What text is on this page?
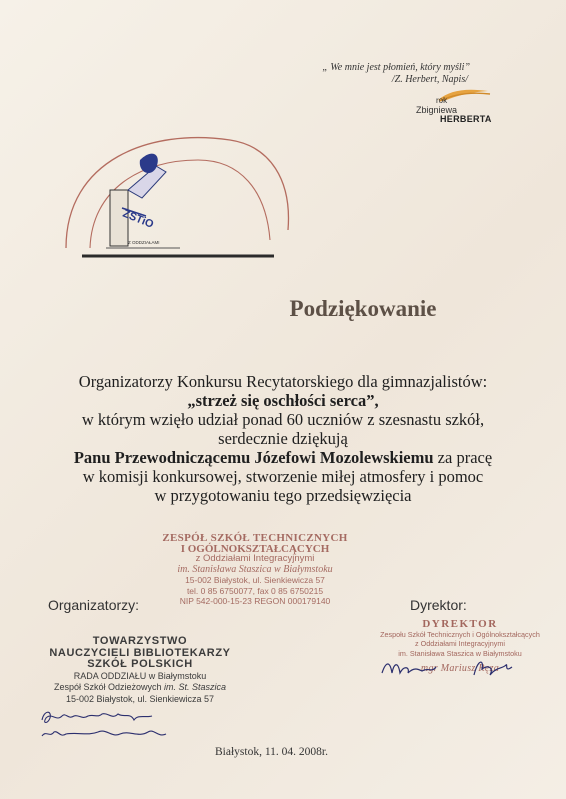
„ We mnie jest płomień, który myśli”
/Z. Herbert, Napis/
rok
Zbigniewa
HERBERTA
ZSTiO
Z ODDZIAŁAMI
Podziękowanie
Organizatorzy Konkursu Recytatorskiego dla gimnazjalistów:
„strzeż się oschłości serca”,
w którym wzięło udział ponad 60 uczniów z szesnastu szkół,
serdecznie dziękują
Panu Przewodniczącemu Józefowi Mozolewskiemu za pracę
w komisji konkursowej, stworzenie miłej atmosfery i pomoc
w przygotowaniu tego przedsięwzięcia
ZESPÓŁ SZKÓŁ TECHNICZNYCH
I OGÓLNOKSZTAŁCĄCYCH
z Oddziałami Integracyjnymi
im. Stanisława Staszica w Białymstoku
15-002 Białystok, ul. Sienkiewicza 57
tel. 0 85 6750077, fax 0 85 6750215
NIP 542-000-15-23 REGON 000179140
Organizatorzy:	Dyrektor:
TOWARZYSTWO
NAUCZYCIELI BIBLIOTEKARZY
SZKÓŁ POLSKICH
RADA ODDZIAŁU w Białymstoku
Zespół Szkół Odzieżowych im. St. Staszica
15-002 Białystok, ul. Sienkiewicza 57
DYREKTOR
Zespołu Szkół Technicznych i Ogólnokształcących
z Oddziałami Integracyjnymi
im. Stanisława Staszica w Białymstoku
mgr Mariusz Ręza
Białystok, 11. 04. 2008r.
